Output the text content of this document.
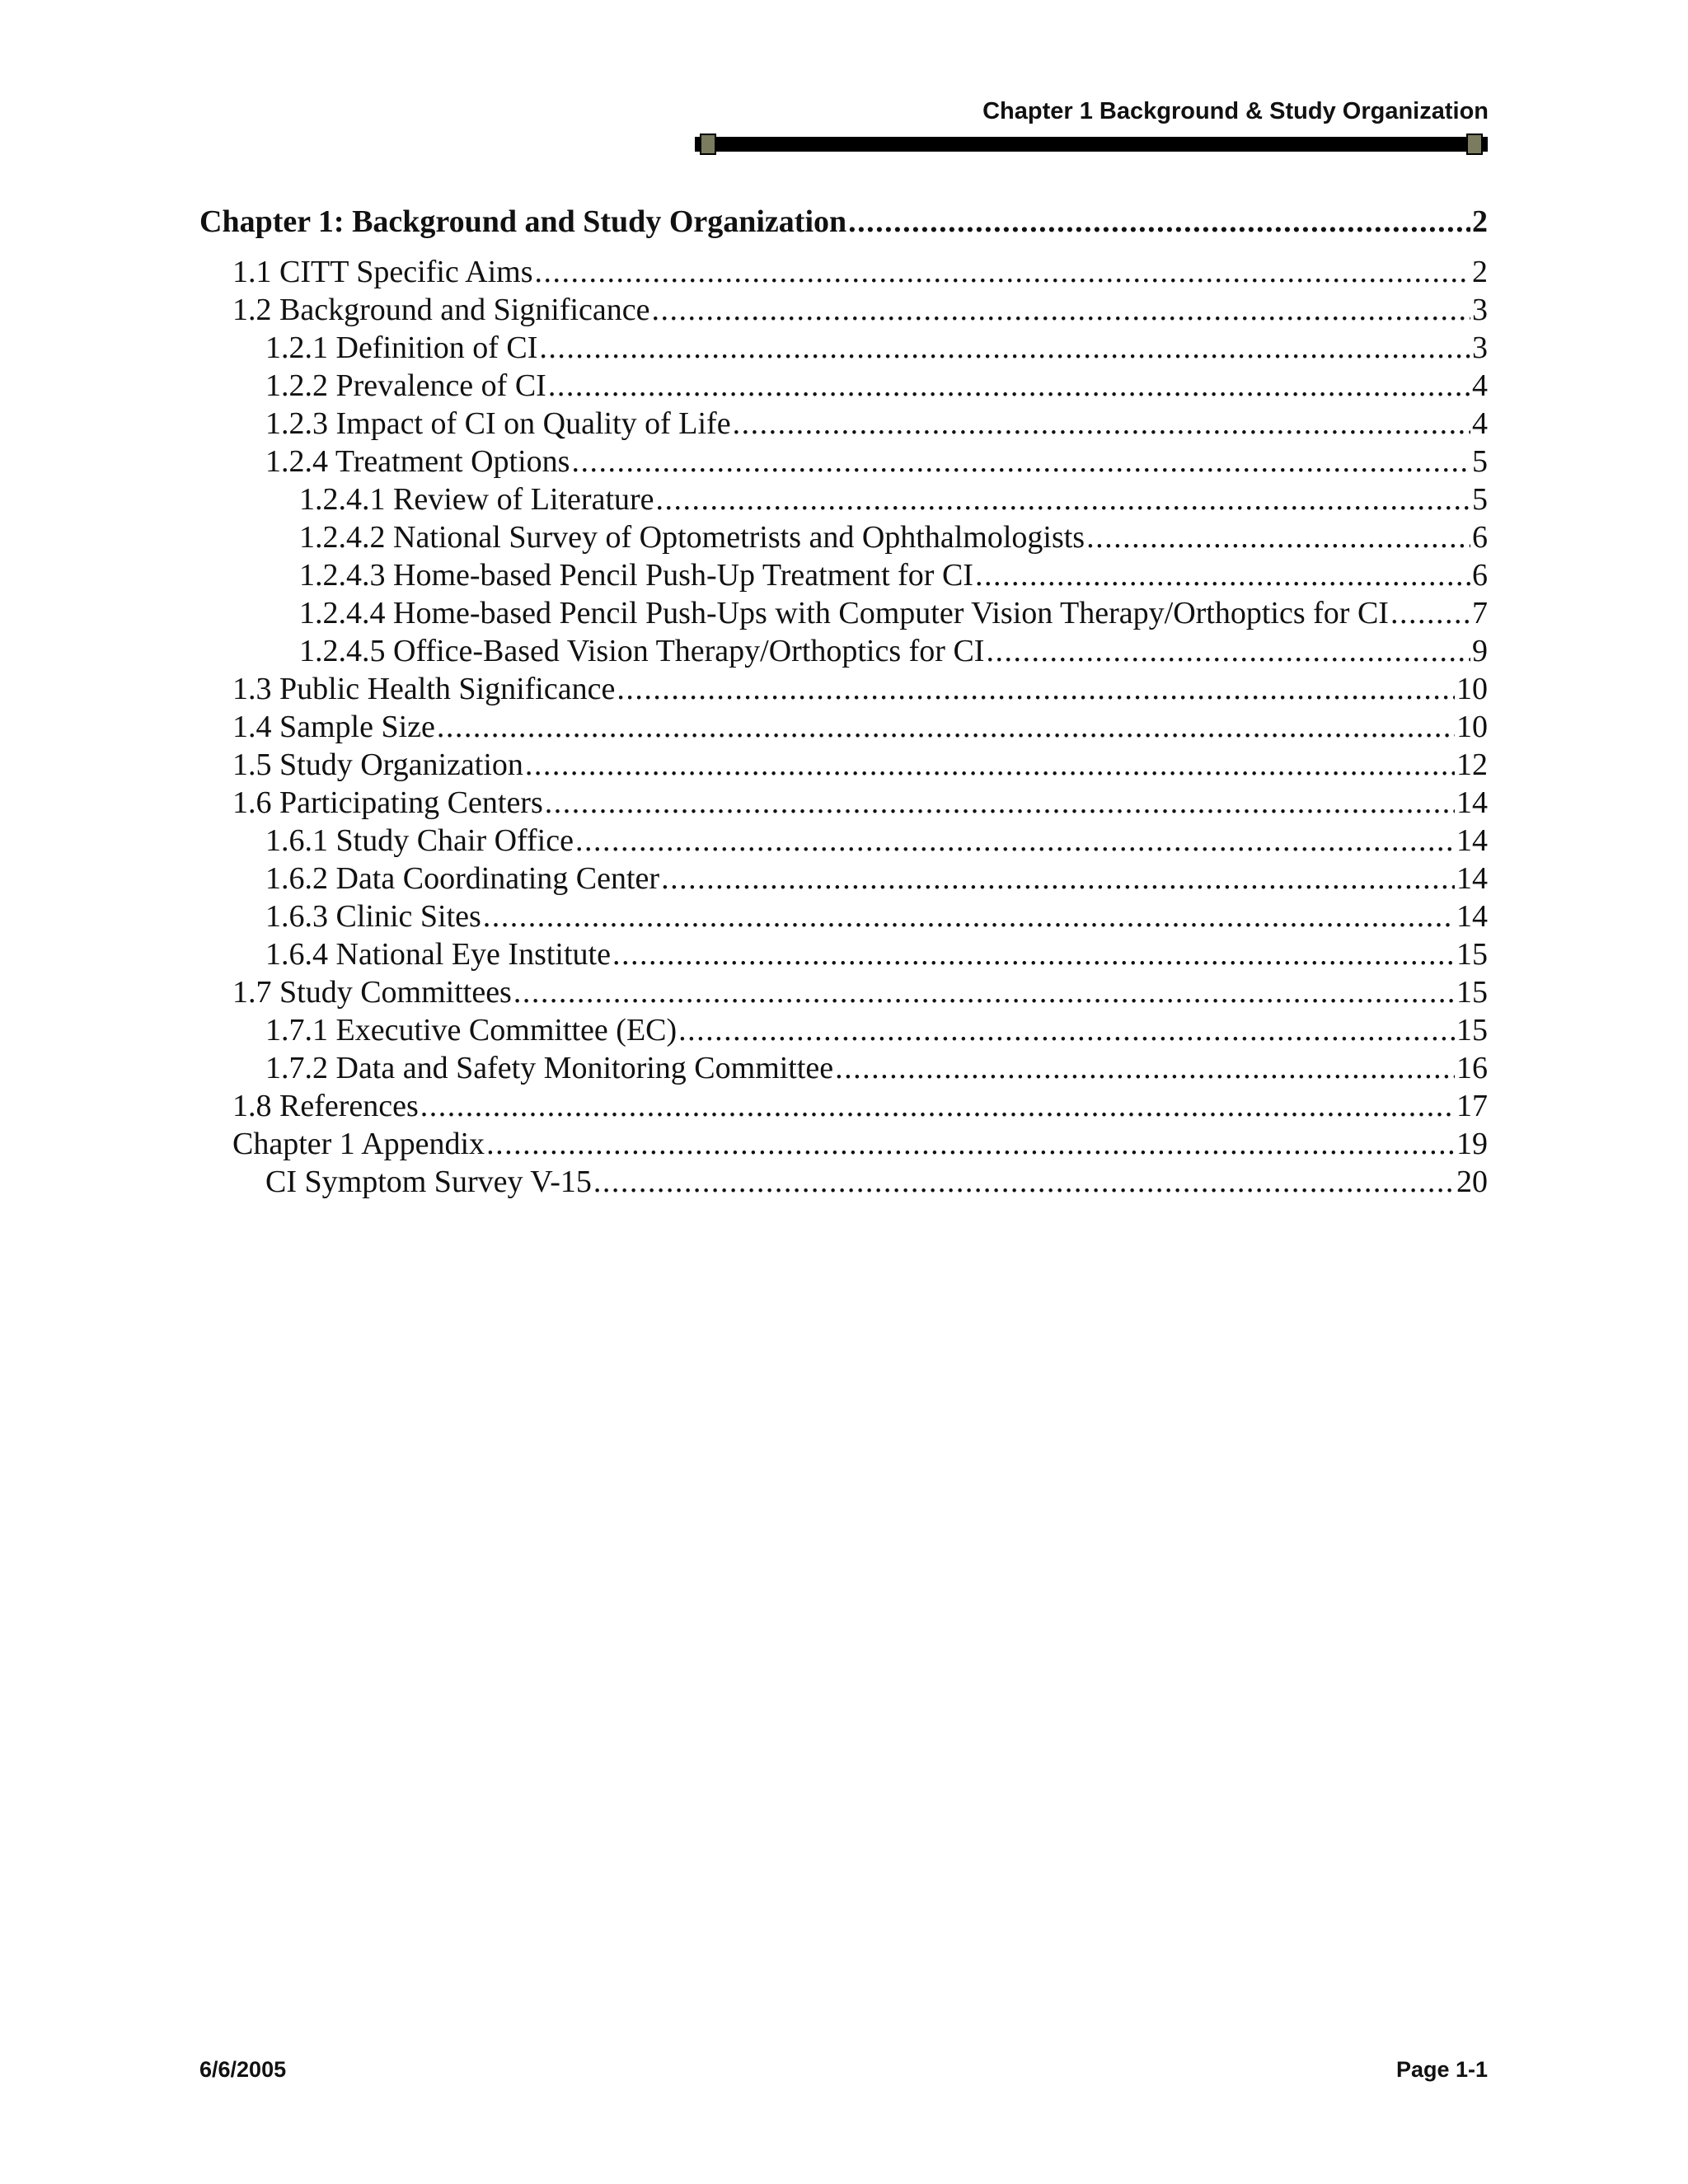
Chapter 1 Background & Study Organization
Chapter 1: Background and Study Organization . . .	2
1.1 CITT Specific Aims . . .	2
1.2 Background and Significance . . .	3
1.2.1 Definition of CI . . .	3
1.2.2 Prevalence of CI . . .	4
1.2.3 Impact of CI on Quality of Life . . .	4
1.2.4 Treatment Options . . .	5
1.2.4.1 Review of Literature . . .	5
1.2.4.2 National Survey of Optometrists and Ophthalmologists . . .	6
1.2.4.3 Home-based Pencil Push-Up Treatment for CI . . .	6
1.2.4.4 Home-based Pencil Push-Ups with Computer Vision Therapy/Orthoptics for CI . . .	7
1.2.4.5 Office-Based Vision Therapy/Orthoptics for CI . . .	9
1.3 Public Health Significance . . .	10
1.4 Sample Size . . .	10
1.5 Study Organization . . .	12
1.6 Participating Centers . . .	14
1.6.1 Study Chair Office . . .	14
1.6.2 Data Coordinating Center . . .	14
1.6.3 Clinic Sites . . .	14
1.6.4 National Eye Institute . . .	15
1.7 Study Committees . . .	15
1.7.1 Executive Committee (EC) . . .	15
1.7.2 Data and Safety Monitoring Committee . . .	16
1.8 References . . .	17
Chapter 1 Appendix . . .	19
CI Symptom Survey V-15 . . .	20
6/6/2005	Page 1-1
